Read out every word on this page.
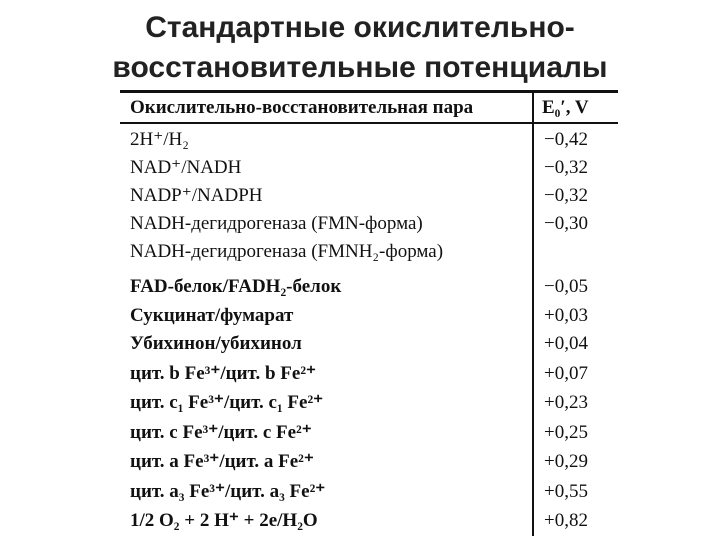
Стандартные окислительно-
восстановительные потенциалы
Окислительно-восстановительная пара	E₀′, V
2H⁺/H₂	−0,42
NAD⁺/NADH	−0,32
NADP⁺/NADPH	−0,32
NADH-дегидрогеназа (FMN-форма)	−0,30
NADH-дегидрогеназа (FMNH₂-форма)
FAD-белок/FADH₂-белок	−0,05
Сукцинат/фумарат	+0,03
Убихинон/убихинол	+0,04
цит. b Fe³⁺/цит. b Fe²⁺	+0,07
цит. c₁ Fe³⁺/цит. c₁ Fe²⁺	+0,23
цит. c Fe³⁺/цит. c Fe²⁺	+0,25
цит. a Fe³⁺/цит. a Fe²⁺	+0,29
цит. a₃ Fe³⁺/цит. a₃ Fe²⁺	+0,55
1/2 O₂ + 2 H⁺ + 2e/H₂O	+0,82
